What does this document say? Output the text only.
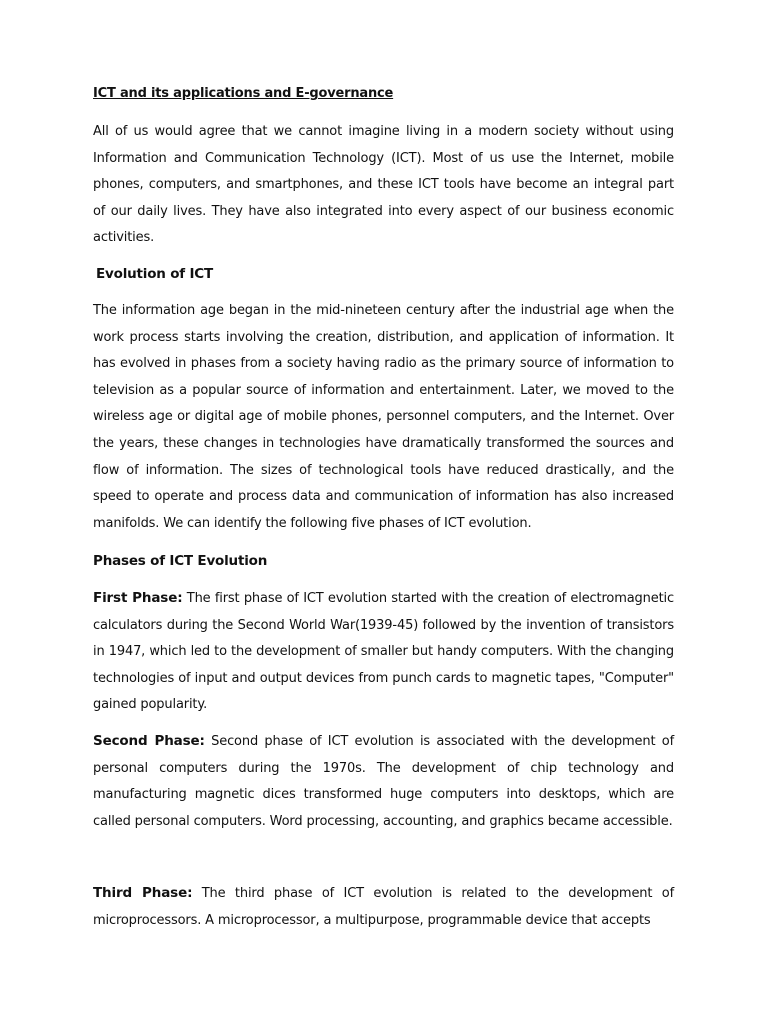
ICT and its applications and E-governance

All of us would agree that we cannot imagine living in a modern society without using Information and Communication Technology (ICT). Most of us use the Internet, mobile phones, computers, and smartphones, and these ICT tools have become an integral part of our daily lives. They have also integrated into every aspect of our business economic activities.

Evolution of ICT

The information age began in the mid-nineteen century after the industrial age when the work process starts involving the creation, distribution, and application of information. It has evolved in phases from a society having radio as the primary source of information to television as a popular source of information and entertainment. Later, we moved to the wireless age or digital age of mobile phones, personnel computers, and the Internet. Over the years, these changes in technologies have dramatically transformed the sources and flow of information. The sizes of technological tools have reduced drastically, and the speed to operate and process data and communication of information has also increased manifolds. We can identify the following five phases of ICT evolution.

Phases of ICT Evolution

First Phase: The first phase of ICT evolution started with the creation of electromagnetic calculators during the Second World War(1939-45) followed by the invention of transistors in 1947, which led to the development of smaller but handy computers. With the changing technologies of input and output devices from punch cards to magnetic tapes, "Computer" gained popularity.

Second Phase: Second phase of ICT evolution is associated with the development of personal computers during the 1970s. The development of chip technology and manufacturing magnetic dices transformed huge computers into desktops, which are called personal computers. Word processing, accounting, and graphics became accessible.

Third Phase: The third phase of ICT evolution is related to the development of microprocessors. A microprocessor, a multipurpose, programmable device that accepts
